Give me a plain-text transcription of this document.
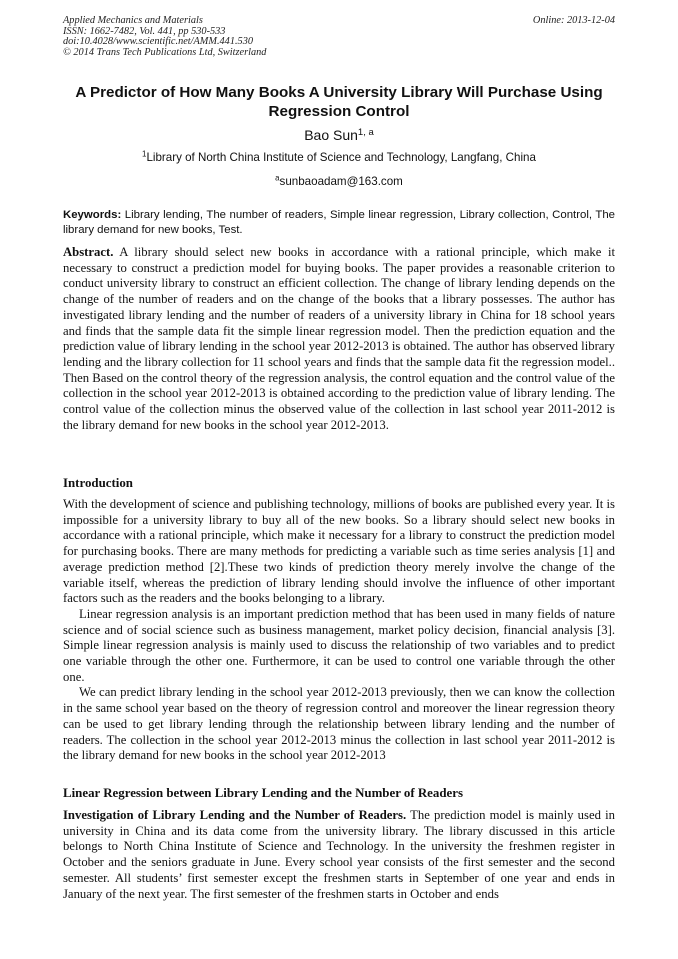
Applied Mechanics and Materials
ISSN: 1662-7482, Vol. 441, pp 530-533
doi:10.4028/www.scientific.net/AMM.441.530
© 2014 Trans Tech Publications Ltd, Switzerland
Online: 2013-12-04
A Predictor of How Many Books A University Library Will Purchase Using Regression Control
Bao Sun$^{1, a}$
$^1$Library of North China Institute of Science and Technology, Langfang, China
$^a$sunbaoadam@163.com
Keywords: Library lending, The number of readers, Simple linear regression, Library collection, Control, The library demand for new books, Test.
Abstract. A library should select new books in accordance with a rational principle, which make it necessary to construct a prediction model for buying books. The paper provides a reasonable criterion to conduct university library to construct an efficient collection. The change of library lending depends on the change of the number of readers and on the change of the books that a library possesses. The author has investigated library lending and the number of readers of a university library in China for 18 school years and finds that the sample data fit the simple linear regression model. Then the prediction equation and the prediction value of library lending in the school year 2012-2013 is obtained. The author has observed library lending and the library collection for 11 school years and finds that the sample data fit the regression model.. Then Based on the control theory of the regression analysis, the control equation and the control value of the collection in the school year 2012-2013 is obtained according to the prediction value of library lending. The control value of the collection minus the observed value of the collection in last school year 2011-2012 is the library demand for new books in the school year 2012-2013.
Introduction
With the development of science and publishing technology, millions of books are published every year. It is impossible for a university library to buy all of the new books. So a library should select new books in accordance with a rational principle, which make it necessary for a library to construct the prediction model for purchasing books. There are many methods for predicting a variable such as time series analysis [1] and average prediction method [2].These two kinds of prediction theory merely involve the change of the variable itself, whereas the prediction of library lending should involve the influence of other important factors such as the readers and the books belonging to a library.
Linear regression analysis is an important prediction method that has been used in many fields of nature science and of social science such as business management, market policy decision, financial analysis [3]. Simple linear regression analysis is mainly used to discuss the relationship of two variables and to predict one variable through the other one. Furthermore, it can be used to control one variable through the other one.
We can predict library lending in the school year 2012-2013 previously, then we can know the collection in the same school year based on the theory of regression control and moreover the linear regression theory can be used to get library lending through the relationship between library lending and the number of readers. The collection in the school year 2012-2013 minus the collection in last school year 2011-2012 is the library demand for new books in the school year 2012-2013
Linear Regression between Library Lending and the Number of Readers
Investigation of Library Lending and the Number of Readers. The prediction model is mainly used in university in China and its data come from the university library. The library discussed in this article belongs to North China Institute of Science and Technology. In the university the freshmen register in October and the seniors graduate in June. Every school year consists of the first semester and the second semester. All students’ first semester except the freshmen starts in September of one year and ends in January of the next year. The first semester of the freshmen starts in October and ends
